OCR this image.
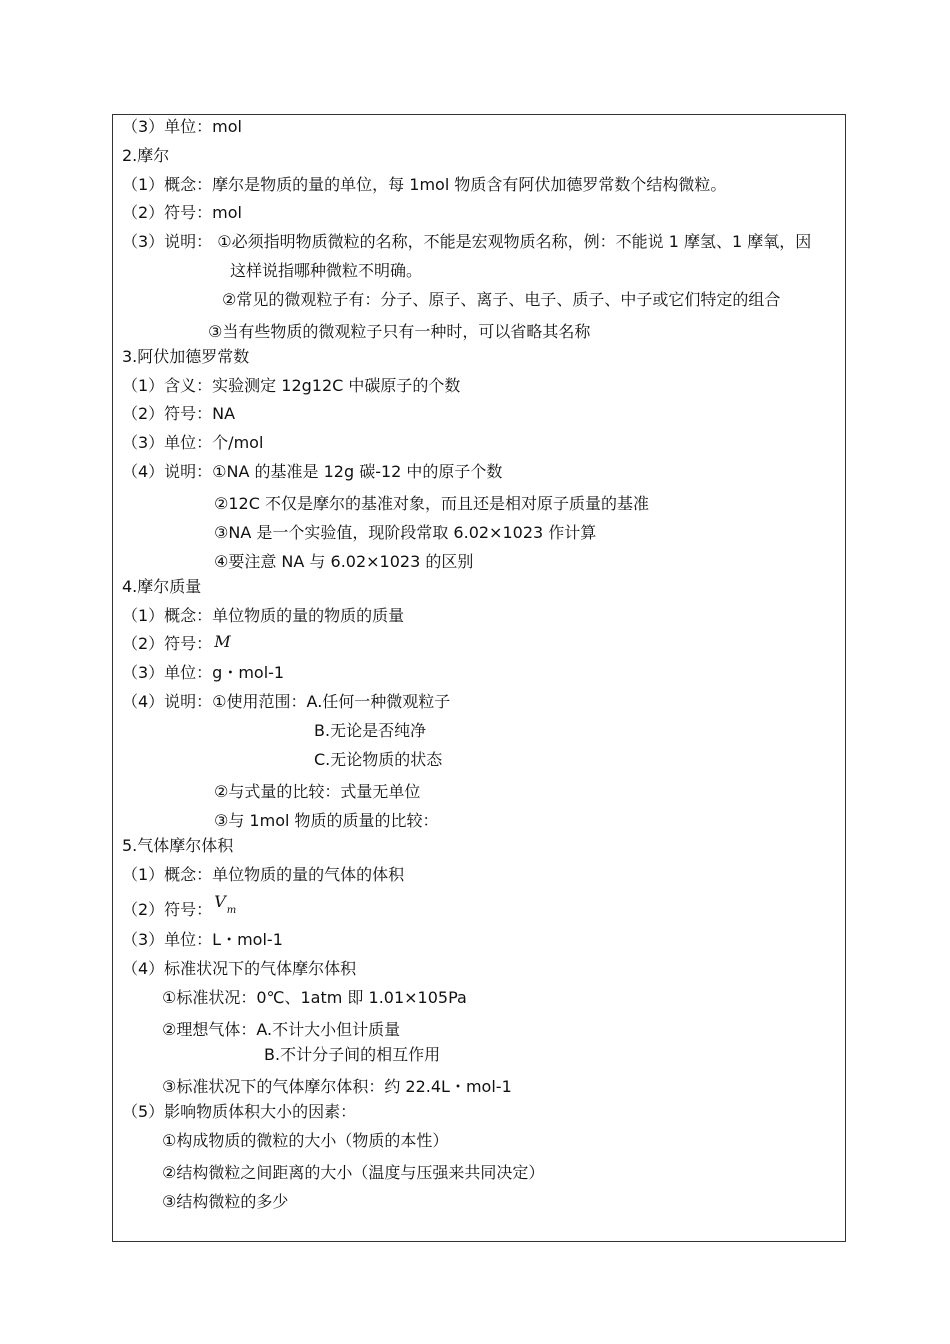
（3）单位：mol
2.摩尔
（1）概念：摩尔是物质的量的单位，每 1mol 物质含有阿伏加德罗常数个结构微粒。
（2）符号：mol
（3）说明： ①必须指明物质微粒的名称，不能是宏观物质名称，例：不能说 1 摩氢、1 摩氧，因
这样说指哪种微粒不明确。
②常见的微观粒子有：分子、原子、离子、电子、质子、中子或它们特定的组合
③当有些物质的微观粒子只有一种时，可以省略其名称
3.阿伏加德罗常数
（1）含义：实验测定 12g12C 中碳原子的个数
（2）符号：NA
（3）单位：个/mol
（4）说明：①NA 的基准是 12g 碳-12 中的原子个数
②12C 不仅是摩尔的基准对象，而且还是相对原子质量的基准
③NA 是一个实验值，现阶段常取 6.02×1023 作计算
④要注意 NA 与 6.02×1023 的区别
4.摩尔质量
（1）概念：单位物质的量的物质的质量
（2）符号： M
（3）单位：g・mol-1
（4）说明：①使用范围：A.任何一种微观粒子
B.无论是否纯净
C.无论物质的状态
②与式量的比较：式量无单位
③与 1mol 物质的质量的比较：
5.气体摩尔体积
（1）概念：单位物质的量的气体的体积
（2）符号： Vm
（3）单位：L・mol-1
（4）标准状况下的气体摩尔体积
①标准状况：0℃、1atm 即 1.01×105Pa
②理想气体：A.不计大小但计质量
B.不计分子间的相互作用
③标准状况下的气体摩尔体积：约 22.4L・mol-1
（5）影响物质体积大小的因素：
①构成物质的微粒的大小（物质的本性）
②结构微粒之间距离的大小（温度与压强来共同决定）
③结构微粒的多少
